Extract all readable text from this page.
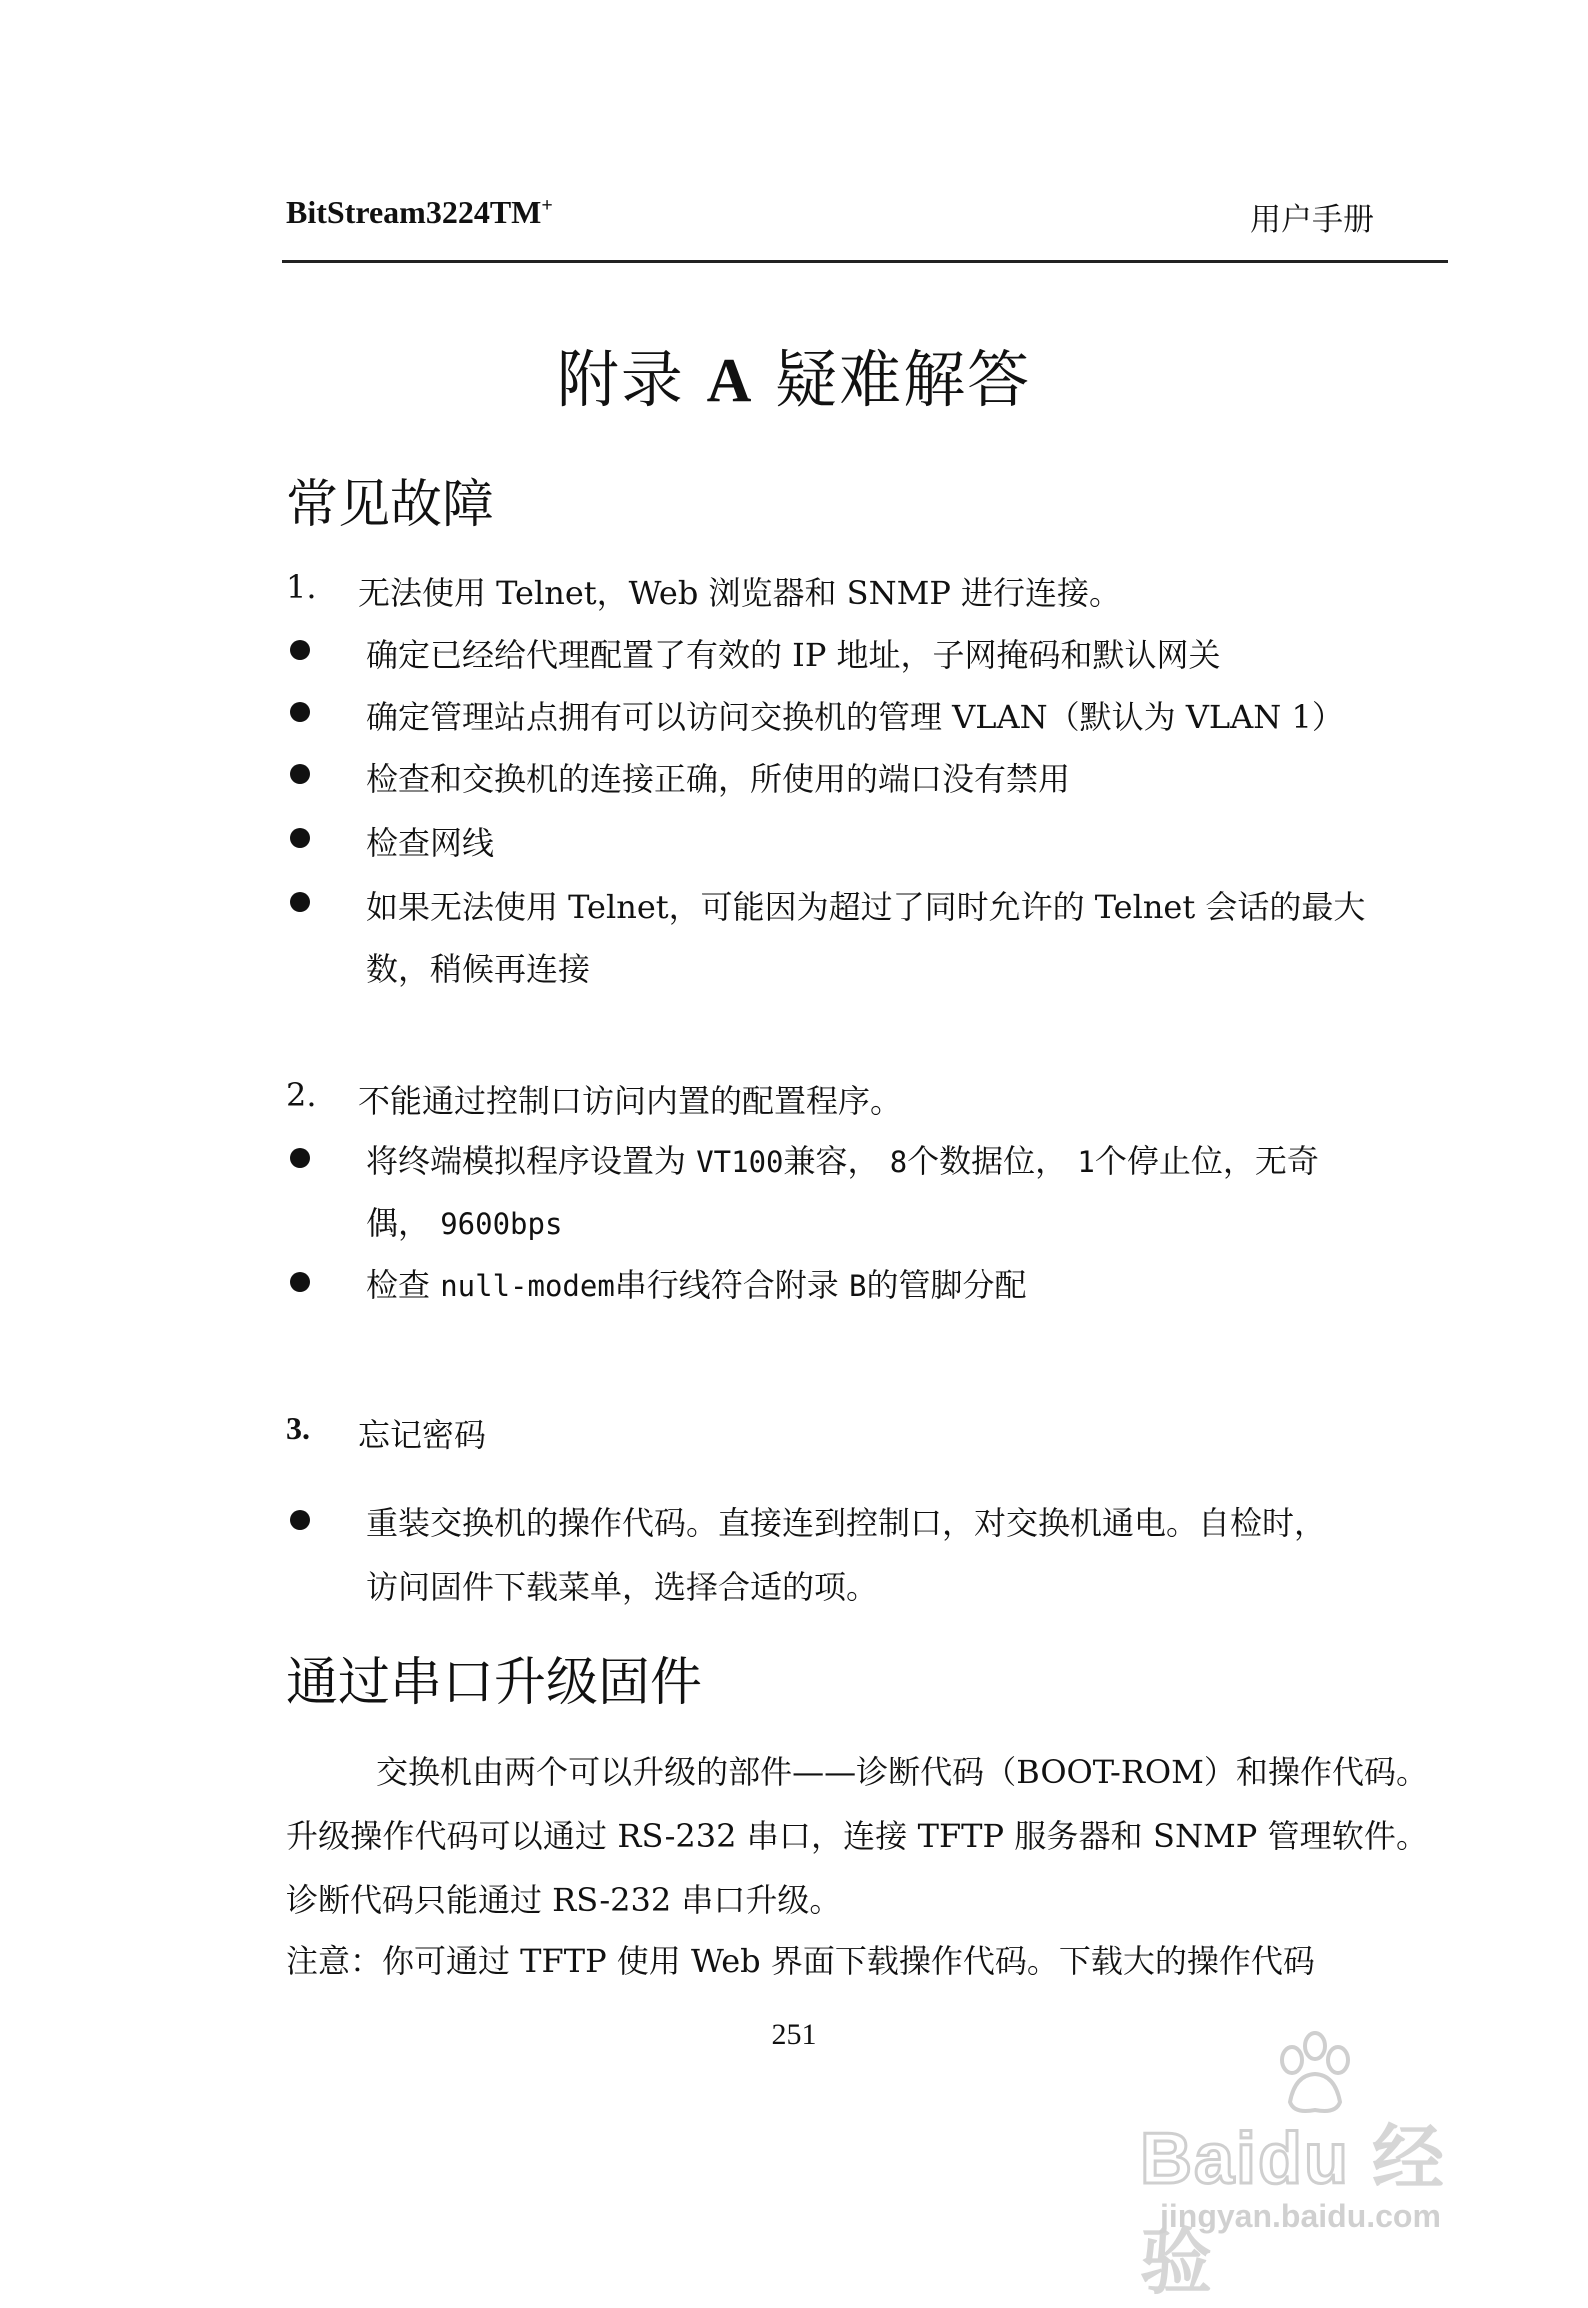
BitStream3224TM+	用户手册
附录 A 疑难解答
常见故障
1. 无法使用 Telnet，Web 浏览器和 SNMP 进行连接。
确定已经给代理配置了有效的 IP 地址，子网掩码和默认网关
确定管理站点拥有可以访问交换机的管理 VLAN（默认为 VLAN 1）
检查和交换机的连接正确，所使用的端口没有禁用
检查网线
如果无法使用 Telnet，可能因为超过了同时允许的 Telnet 会话的最大
数，稍候再连接
2. 不能通过控制口访问内置的配置程序。
将终端模拟程序设置为 VT100兼容， 8个数据位， 1个停止位，无奇
偶， 9600bps
检查 null-modem串行线符合附录 B的管脚分配
3. 忘记密码
重装交换机的操作代码。直接连到控制口，对交换机通电。自检时，
访问固件下载菜单，选择合适的项。
通过串口升级固件
交换机由两个可以升级的部件——诊断代码（BOOT-ROM）和操作代码。升级操作代码可以通过 RS-232 串口，连接 TFTP 服务器和 SNMP 管理软件。诊断代码只能通过 RS-232 串口升级。
注意：你可通过 TFTP 使用 Web 界面下载操作代码。下载大的操作代码
251
Baidu 经验
jingyan.baidu.com
